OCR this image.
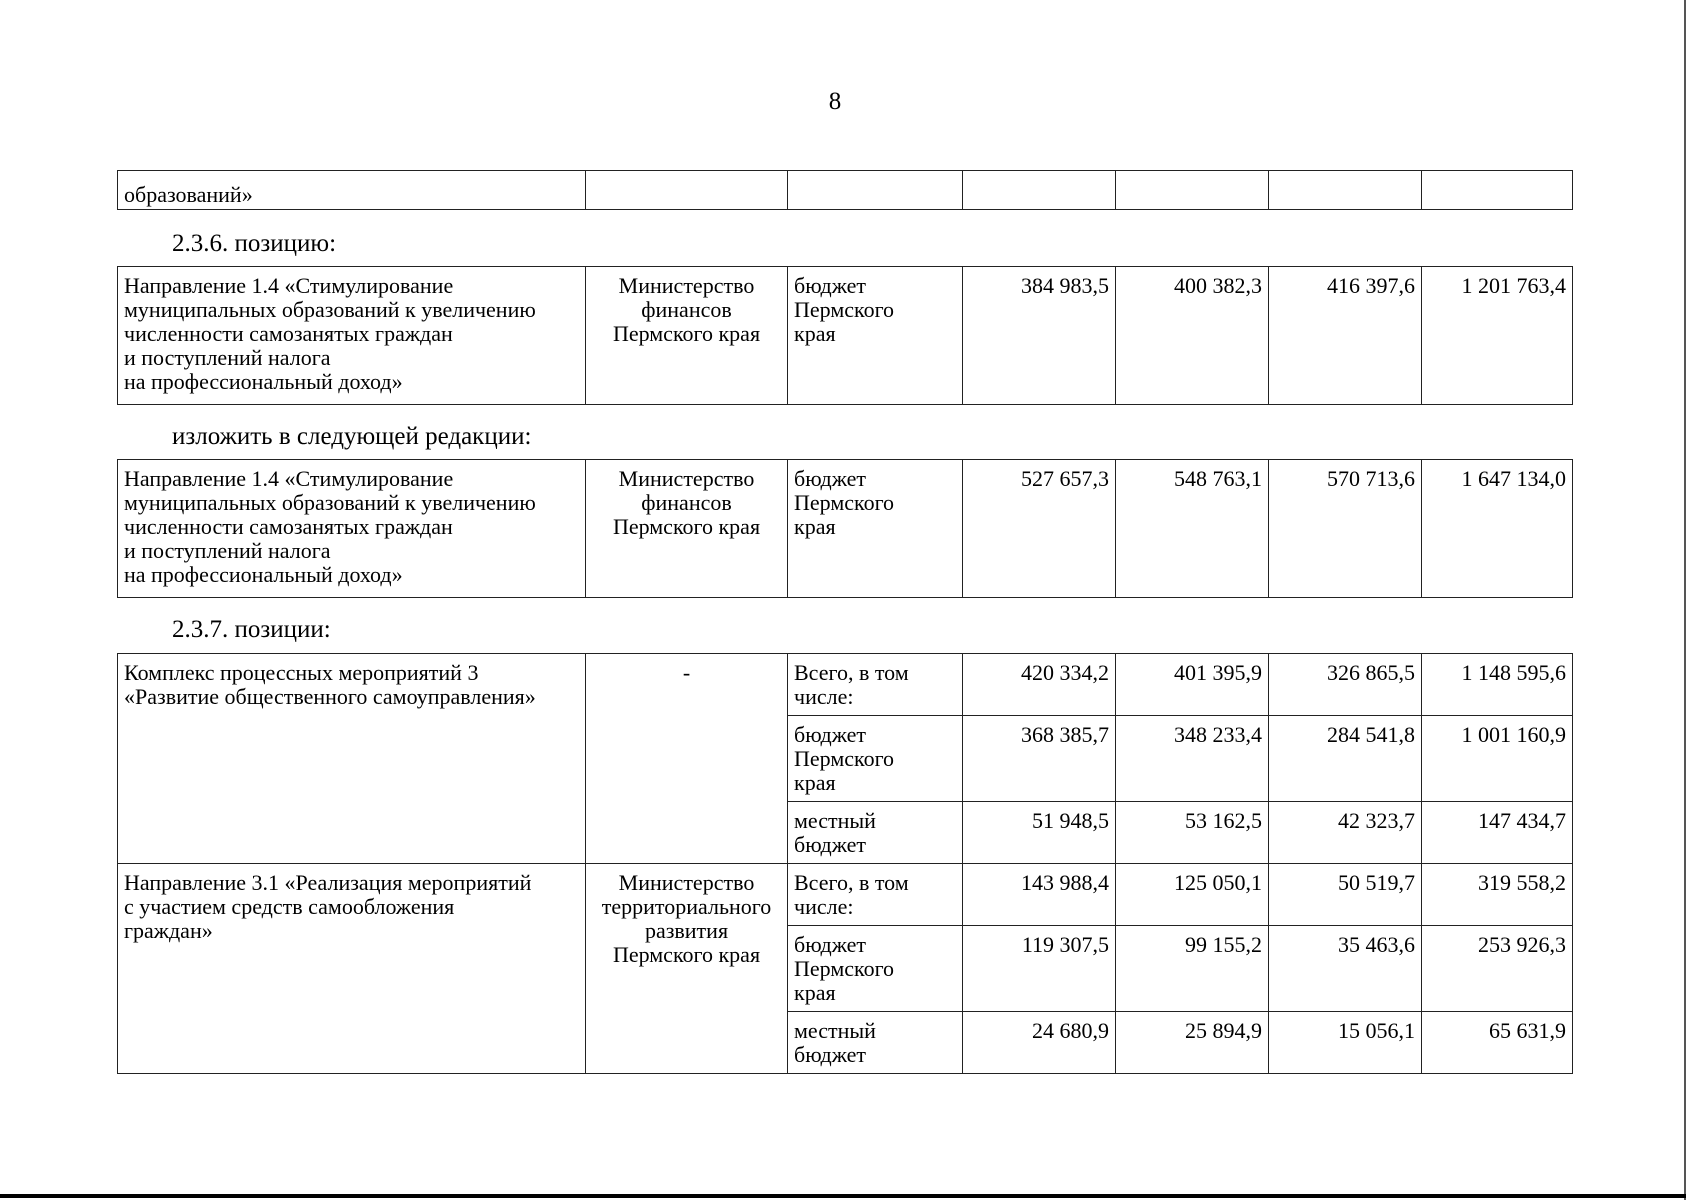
8
образований»						
2.3.6. позицию:
Направление 1.4 «Стимулирование
муниципальных образований к увеличению
численности самозанятых граждан
и поступлений налога
на профессиональный доход»	Министерство
финансов
Пермского края	бюджет
Пермского
края	384 983,5	400 382,3	416 397,6	1 201 763,4
изложить в следующей редакции:
Направление 1.4 «Стимулирование
муниципальных образований к увеличению
численности самозанятых граждан
и поступлений налога
на профессиональный доход»	Министерство
финансов
Пермского края	бюджет
Пермского
края	527 657,3	548 763,1	570 713,6	1 647 134,0
2.3.7. позиции:
Комплекс процессных мероприятий 3
«Развитие общественного самоуправления»	-	Всего, в том
числе:	420 334,2	401 395,9	326 865,5	1 148 595,6
		бюджет
Пермского
края	368 385,7	348 233,4	284 541,8	1 001 160,9
		местный
бюджет	51 948,5	53 162,5	42 323,7	147 434,7
Направление 3.1 «Реализация мероприятий
с участием средств самообложения
граждан»	Министерство
территориального
развития
Пермского края	Всего, в том
числе:	143 988,4	125 050,1	50 519,7	319 558,2
		бюджет
Пермского
края	119 307,5	99 155,2	35 463,6	253 926,3
		местный
бюджет	24 680,9	25 894,9	15 056,1	65 631,9
